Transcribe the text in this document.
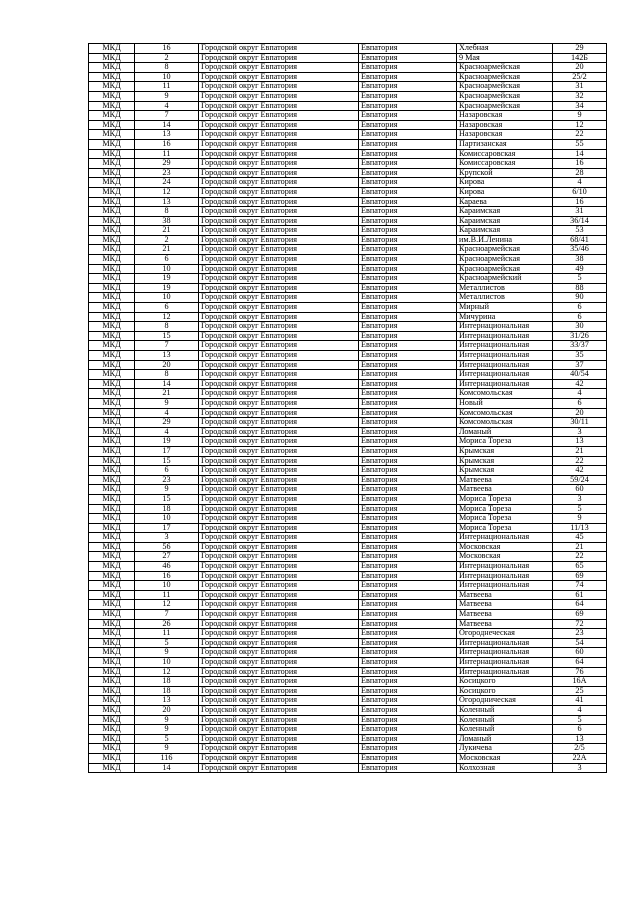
МКД	16	Городской округ Евпатория	Евпатория	Хлебная	29
МКД	2	Городской округ Евпатория	Евпатория	9 Мая	142Б
МКД	8	Городской округ Евпатория	Евпатория	Красноармейская	20
МКД	10	Городской округ Евпатория	Евпатория	Красноармейская	25/2
МКД	11	Городской округ Евпатория	Евпатория	Красноармейская	31
МКД	9	Городской округ Евпатория	Евпатория	Красноармейская	32
МКД	4	Городской округ Евпатория	Евпатория	Красноармейская	34
МКД	7	Городской округ Евпатория	Евпатория	Назаровская	9
МКД	14	Городской округ Евпатория	Евпатория	Назаровская	12
МКД	13	Городской округ Евпатория	Евпатория	Назаровская	22
МКД	16	Городской округ Евпатория	Евпатория	Партизанская	55
МКД	11	Городской округ Евпатория	Евпатория	Комиссаровская	14
МКД	29	Городской округ Евпатория	Евпатория	Комиссаровская	16
МКД	23	Городской округ Евпатория	Евпатория	Крупской	28
МКД	24	Городской округ Евпатория	Евпатория	Кирова	4
МКД	12	Городской округ Евпатория	Евпатория	Кирова	6/10
МКД	13	Городской округ Евпатория	Евпатория	Караева	16
МКД	8	Городской округ Евпатория	Евпатория	Караимская	31
МКД	38	Городской округ Евпатория	Евпатория	Караимская	36/14
МКД	21	Городской округ Евпатория	Евпатория	Караимская	53
МКД	2	Городской округ Евпатория	Евпатория	им.В.И.Ленина	68/41
МКД	21	Городской округ Евпатория	Евпатория	Красноармейская	35/46
МКД	6	Городской округ Евпатория	Евпатория	Красноармейская	38
МКД	10	Городской округ Евпатория	Евпатория	Красноармейская	49
МКД	19	Городской округ Евпатория	Евпатория	Красноармейский	5
МКД	19	Городской округ Евпатория	Евпатория	Металлистов	88
МКД	10	Городской округ Евпатория	Евпатория	Металлистов	90
МКД	6	Городской округ Евпатория	Евпатория	Мирный	6
МКД	12	Городской округ Евпатория	Евпатория	Мичурина	6
МКД	8	Городской округ Евпатория	Евпатория	Интернациональная	30
МКД	15	Городской округ Евпатория	Евпатория	Интернациональная	31/26
МКД	7	Городской округ Евпатория	Евпатория	Интернациональная	33/37
МКД	13	Городской округ Евпатория	Евпатория	Интернациональная	35
МКД	20	Городской округ Евпатория	Евпатория	Интернациональная	37
МКД	8	Городской округ Евпатория	Евпатория	Интернациональная	40/54
МКД	14	Городской округ Евпатория	Евпатория	Интернациональная	42
МКД	21	Городской округ Евпатория	Евпатория	Комсомольская	4
МКД	9	Городской округ Евпатория	Евпатория	Новый	6
МКД	4	Городской округ Евпатория	Евпатория	Комсомольская	20
МКД	29	Городской округ Евпатория	Евпатория	Комсомольская	30/11
МКД	4	Городской округ Евпатория	Евпатория	Ломаный	3
МКД	19	Городской округ Евпатория	Евпатория	Мориса Тореза	13
МКД	17	Городской округ Евпатория	Евпатория	Крымская	21
МКД	15	Городской округ Евпатория	Евпатория	Крымская	22
МКД	6	Городской округ Евпатория	Евпатория	Крымская	42
МКД	23	Городской округ Евпатория	Евпатория	Матвеева	59/24
МКД	9	Городской округ Евпатория	Евпатория	Матвеева	60
МКД	15	Городской округ Евпатория	Евпатория	Мориса Тореза	3
МКД	18	Городской округ Евпатория	Евпатория	Мориса Тореза	5
МКД	10	Городской округ Евпатория	Евпатория	Мориса Тореза	9
МКД	17	Городской округ Евпатория	Евпатория	Мориса Тореза	11/13
МКД	3	Городской округ Евпатория	Евпатория	Интернациональная	45
МКД	56	Городской округ Евпатория	Евпатория	Московская	21
МКД	27	Городской округ Евпатория	Евпатория	Московская	22
МКД	46	Городской округ Евпатория	Евпатория	Интернациональная	65
МКД	16	Городской округ Евпатория	Евпатория	Интернациональная	69
МКД	10	Городской округ Евпатория	Евпатория	Интернациональная	74
МКД	11	Городской округ Евпатория	Евпатория	Матвеева	61
МКД	12	Городской округ Евпатория	Евпатория	Матвеева	64
МКД	7	Городской округ Евпатория	Евпатория	Матвеева	69
МКД	26	Городской округ Евпатория	Евпатория	Матвеева	72
МКД	11	Городской округ Евпатория	Евпатория	Огороднеческая	23
МКД	5	Городской округ Евпатория	Евпатория	Интернациональная	54
МКД	9	Городской округ Евпатория	Евпатория	Интернациональная	60
МКД	10	Городской округ Евпатория	Евпатория	Интернациональная	64
МКД	12	Городской округ Евпатория	Евпатория	Интернациональная	76
МКД	18	Городской округ Евпатория	Евпатория	Косицкого	16А
МКД	18	Городской округ Евпатория	Евпатория	Косицкого	25
МКД	13	Городской округ Евпатория	Евпатория	Огородническая	41
МКД	20	Городской округ Евпатория	Евпатория	Коленный	4
МКД	9	Городской округ Евпатория	Евпатория	Коленный	5
МКД	9	Городской округ Евпатория	Евпатория	Коленный	6
МКД	5	Городской округ Евпатория	Евпатория	Ломаный	13
МКД	9	Городской округ Евпатория	Евпатория	Лукичева	2/5
МКД	116	Городской округ Евпатория	Евпатория	Московская	22А
МКД	14	Городской округ Евпатория	Евпатория	Колхозная	3
